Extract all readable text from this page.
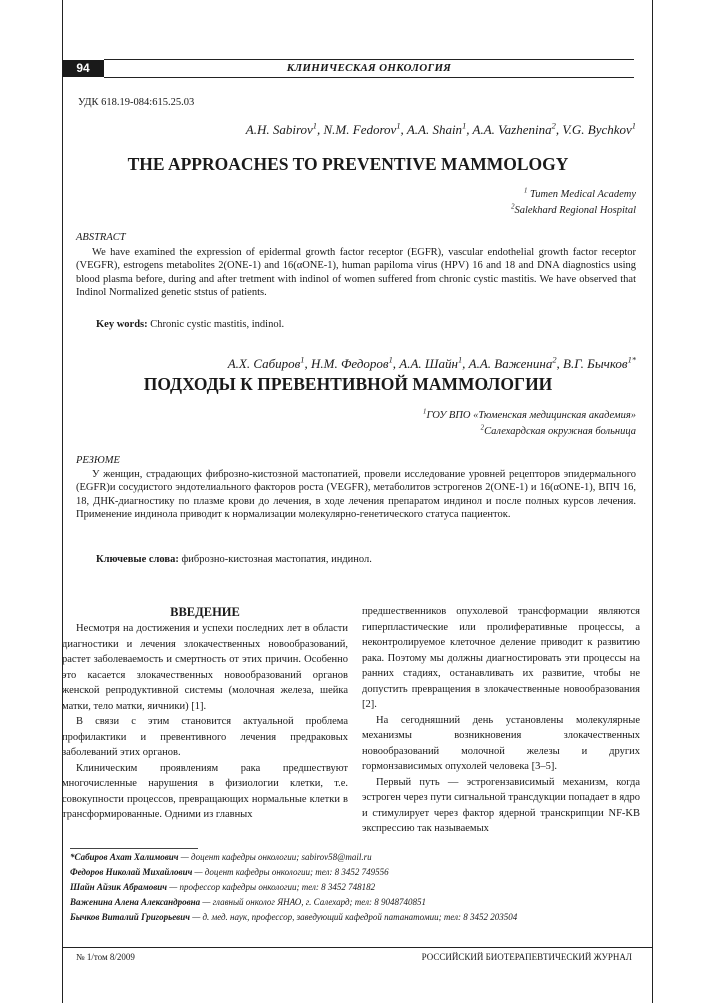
94	КЛИНИЧЕСКАЯ ОНКОЛОГИЯ
УДК 618.19-084:615.25.03
A.H. Sabirov$^1$, N.M. Fedorov$^1$, A.A. Shain$^1$, A.A. Vazhenina$^2$, V.G. Bychkov$^1$
THE APPROACHES TO PREVENTIVE MAMMOLOGY
$^1$ Tumen Medical Academy
$^2$Salekhard Regional Hospital
ABSTRACT
We have examined the expression of epidermal growth factor receptor (EGFR), vascular endothelial growth factor receptor (VEGFR), estrogens metabolites 2(ONE-1) and 16(αONE-1), human papiloma virus (HPV) 16 and 18 and DNA diagnostics using blood plasma before, during and after tretment with indinol of women suffered from chronic cystic mastitis. We have observed that Indinol Normalized genetic ststus of patients.
Key words: Chronic cystic mastitis, indinol.
А.Х. Сабиров$^1$, Н.М. Федоров$^1$, А.А. Шайн$^1$, А.А. Важенина$^2$, В.Г. Бычков$^{1*}$
ПОДХОДЫ К ПРЕВЕНТИВНОЙ МАММОЛОГИИ
$^1$ГОУ ВПО «Тюменская медицинская академия»
$^2$Салехардская окружная больница
РЕЗЮМЕ
У женщин, страдающих фиброзно-кистозной мастопатией, провели исследование уровней рецепторов эпидермального (EGFR)и сосудистого эндотелиального факторов роста (VEGFR), метаболитов эстрогенов 2(ONE-1) и 16(αONE-1), ВПЧ 16, 18, ДНК-диагностику по плазме крови до лечения, в ходе лечения препаратом индинол и после полных курсов лечения. Применение индинола приводит к нормализации молекулярно-генетического статуса пациенток.
Ключевые слова: фиброзно-кистозная мастопатия, индинол.
ВВЕДЕНИЕ

Несмотря на достижения и успехи последних лет в области диагностики и лечения злокачественных новообразований, растет заболеваемость и смертность от этих причин. Особенно это касается злокачественных новообразований органов женской репродуктивной системы (молочная железа, шейка матки, тело матки, яичники) [1].

В связи с этим становится актуальной проблема профилактики и превентивного лечения предраковых заболеваний этих органов.

Клиническим проявлениям рака предшествуют многочисленные нарушения в физиологии клетки, т.е. совокупности процессов, превращающих нормальные клетки в трансформированные. Одними из главных

предшественников опухолевой трансформации являются гиперпластические или пролиферативные процессы, а неконтролируемое клеточное деление приводит к развитию рака. Поэтому мы должны диагностировать эти процессы на ранних стадиях, останавливать их развитие, чтобы не допустить превращения в злокачественные новообразования [2].

На сегодняшний день установлены молекулярные механизмы возникновения злокачественных новообразований молочной железы и других гормонзависимых опухолей человека [3–5].

Первый путь — эстрогензависимый механизм, когда эстроген через пути сигнальной трансдукции попадает в ядро и стимулирует через фактор ядерной транскрипции NF-KB экспрессию так называемых

*Сабиров Ахат Халимович — доцент кафедры онкологии; sabirov58@mail.ru
Федоров Николай Михайлович — доцент кафедры онкологии; тел: 8 3452 749556
Шайн Айзик Абрамович — профессор кафедры онкологии; тел: 8 3452 748182
Важенина Алена Александровна — главный онколог ЯНАО, г. Салехард; тел: 8 9048740851
Бычков Виталий Григорьевич — д. мед. наук, профессор, заведующий кафедрой патанатомии; тел: 8 3452 203504
№ 1/том 8/2009	РОССИЙСКИЙ БИОТЕРАПЕВТИЧЕСКИЙ ЖУРНАЛ
